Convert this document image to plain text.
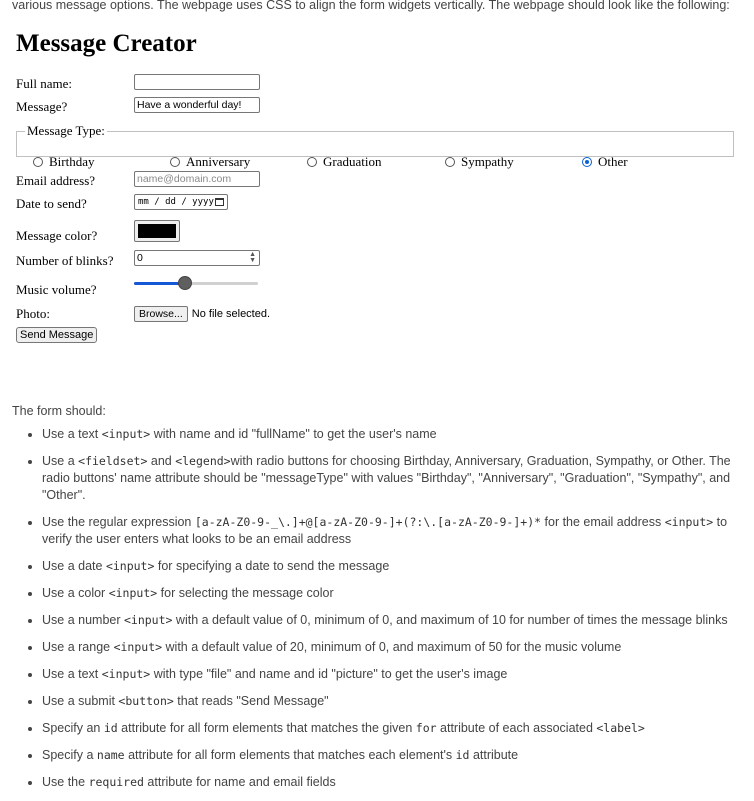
various message options. The webpage uses CSS to align the form widgets vertically. The webpage should look like the following:
Message Creator
Full name:
Message?	Have a wonderful day!
Message Type:
Birthday	Anniversary	Graduation	Sympathy	Other
Email address?	name@domain.com
Date to send?	mm / dd / yyyy
Message color?
Number of blinks? 0	▲
▼
Music volume?
Photo:	Browse... No file selected.
Send Message
The form should:
• Use a text <input> with name and id "fullName" to get the user's name
• Use a <fieldset> and <legend>with radio buttons for choosing Birthday, Anniversary, Graduation, Sympathy, or Other. The radio buttons' name attribute should be "messageType" with values "Birthday", "Anniversary", "Graduation", "Sympathy", and "Other".
• Use the regular expression [a-zA-Z0-9-_\.]+@[a-zA-Z0-9-]+(?:\.[a-zA-Z0-9-]+)* for the email address <input> to verify the user enters what looks to be an email address
• Use a date <input> for specifying a date to send the message
• Use a color <input> for selecting the message color
• Use a number <input> with a default value of 0, minimum of 0, and maximum of 10 for number of times the message blinks
• Use a range <input> with a default value of 20, minimum of 0, and maximum of 50 for the music volume
• Use a text <input> with type "file" and name and id "picture" to get the user's image
• Use a submit <button> that reads "Send Message"
• Specify an id attribute for all form elements that matches the given for attribute of each associated <label>
• Specify a name attribute for all form elements that matches each element's id attribute
• Use the required attribute for name and email fields
